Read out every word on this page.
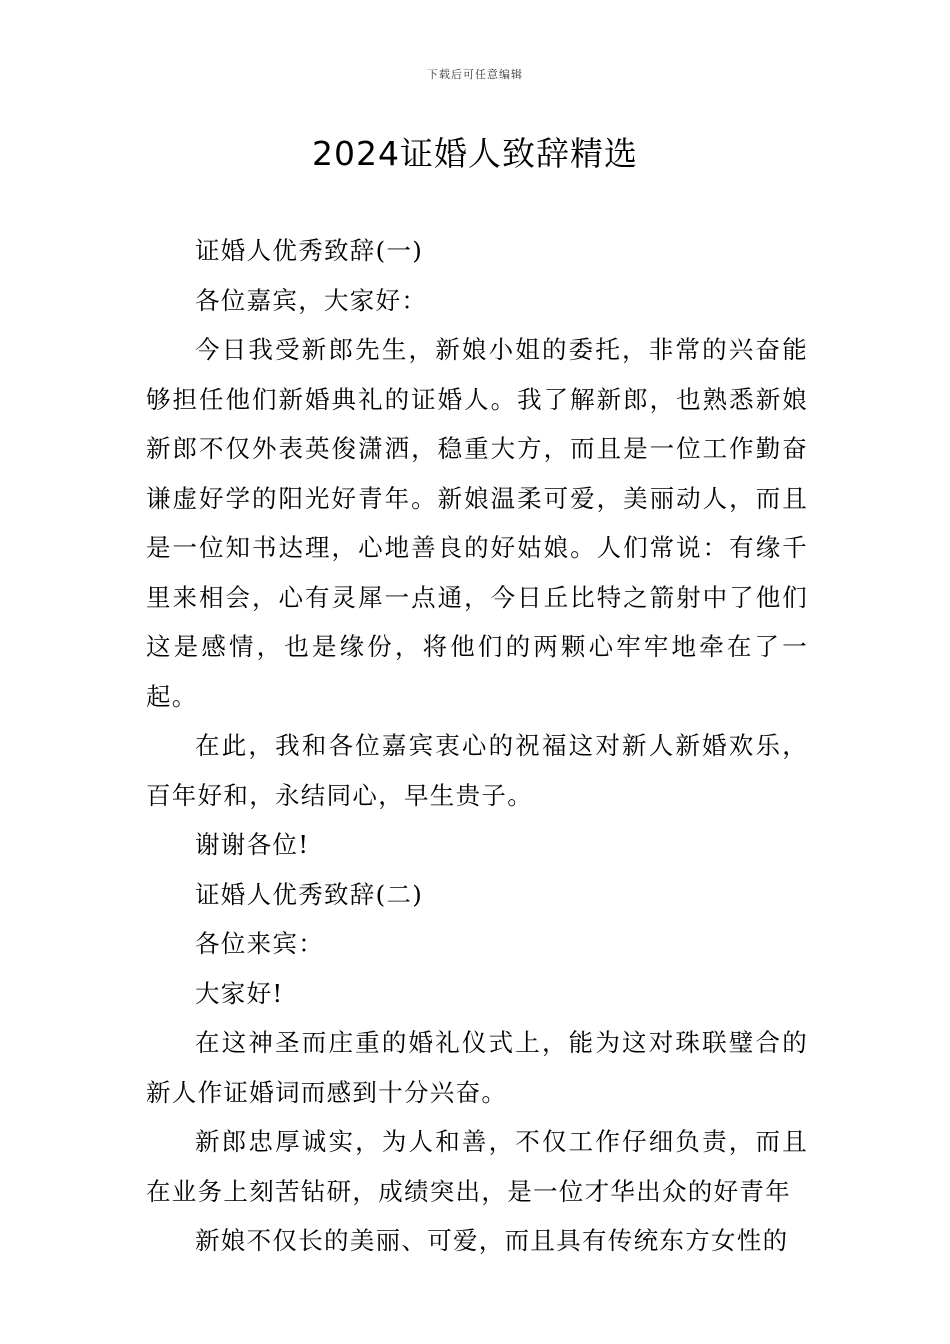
下载后可任意编辑
2024证婚人致辞精选

证婚人优秀致辞(一)

各位嘉宾，大家好：

今日我受新郎先生，新娘小姐的委托，非常的兴奋能够担任他们新婚典礼的证婚人。我了解新郎，也熟悉新娘新郎不仅外表英俊潇洒，稳重大方，而且是一位工作勤奋谦虚好学的阳光好青年。新娘温柔可爱，美丽动人，而且是一位知书达理，心地善良的好姑娘。人们常说：有缘千里来相会，心有灵犀一点通，今日丘比特之箭射中了他们这是感情，也是缘份，将他们的两颗心牢牢地牵在了一起。

在此，我和各位嘉宾衷心的祝福这对新人新婚欢乐，百年好和，永结同心，早生贵子。

谢谢各位!

证婚人优秀致辞(二)

各位来宾：

大家好!

在这神圣而庄重的婚礼仪式上，能为这对珠联璧合的新人作证婚词而感到十分兴奋。

新郎忠厚诚实，为人和善，不仅工作仔细负责，而且在业务上刻苦钻研，成绩突出，是一位才华出众的好青年

新娘不仅长的美丽、可爱，而且具有传统东方女性的
